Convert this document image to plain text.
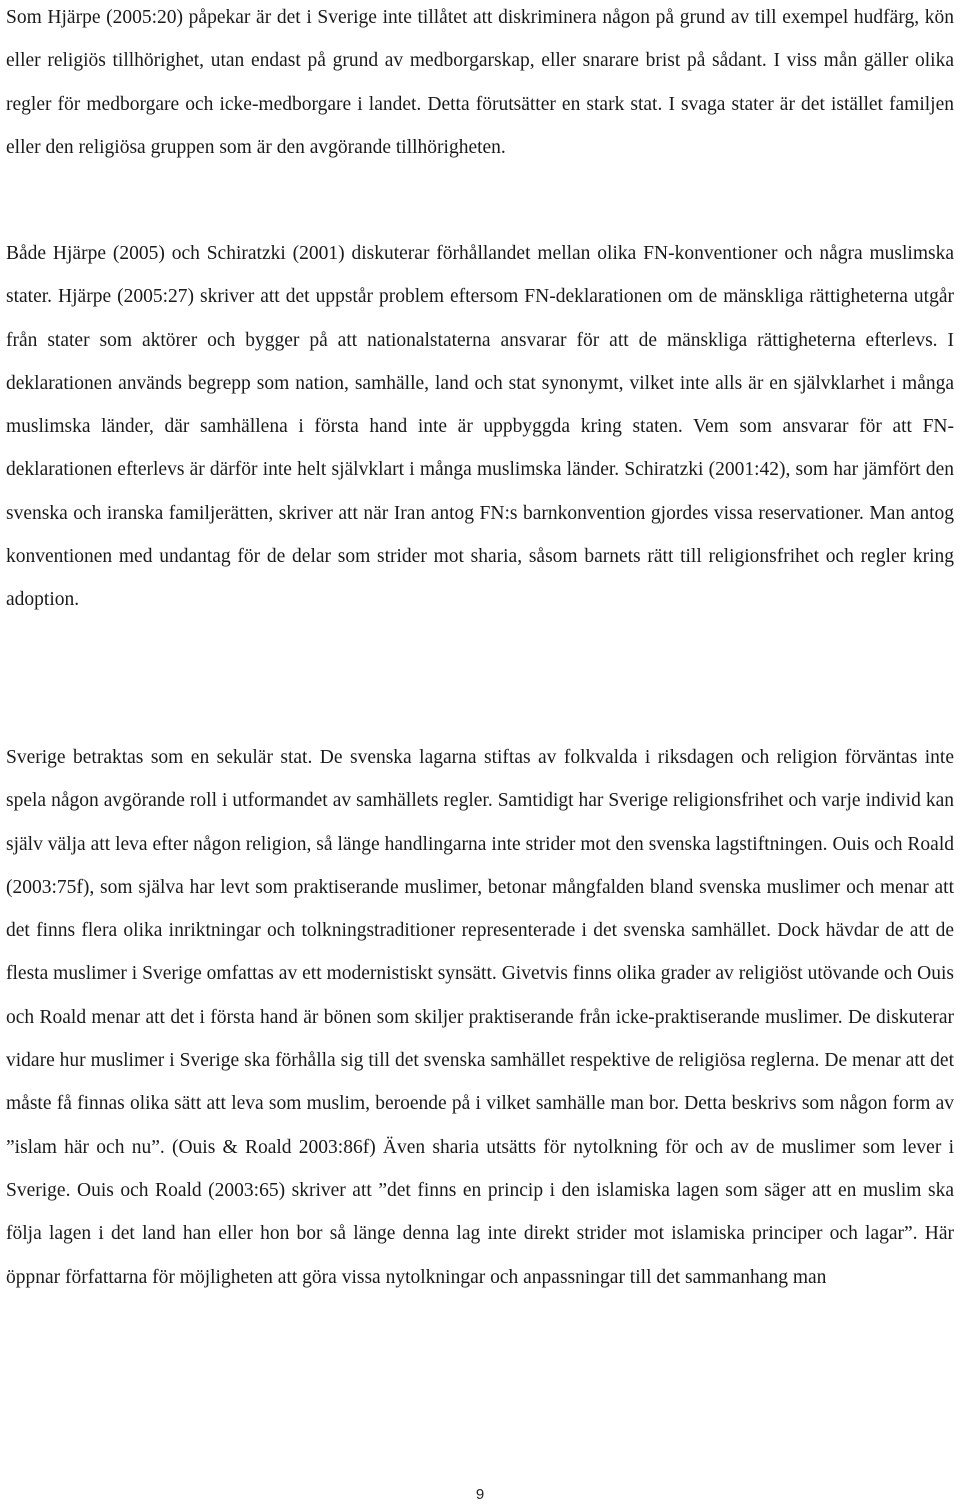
Som Hjärpe (2005:20) påpekar är det i Sverige inte tillåtet att diskriminera någon på grund av till exempel hudfärg, kön eller religiös tillhörighet, utan endast på grund av medborgarskap, eller snarare brist på sådant. I viss mån gäller olika regler för medborgare och icke-medborgare i landet. Detta förutsätter en stark stat. I svaga stater är det istället familjen eller den religiösa gruppen som är den avgörande tillhörigheten.

Både Hjärpe (2005) och Schiratzki (2001) diskuterar förhållandet mellan olika FN-konventioner och några muslimska stater. Hjärpe (2005:27) skriver att det uppstår problem eftersom FN-deklarationen om de mänskliga rättigheterna utgår från stater som aktörer och bygger på att nationalstaterna ansvarar för att de mänskliga rättigheterna efterlevs. I deklarationen används begrepp som nation, samhälle, land och stat synonymt, vilket inte alls är en självklarhet i många muslimska länder, där samhällena i första hand inte är uppbyggda kring staten. Vem som ansvarar för att FN-deklarationen efterlevs är därför inte helt självklart i många muslimska länder. Schiratzki (2001:42), som har jämfört den svenska och iranska familjerätten, skriver att när Iran antog FN:s barnkonvention gjordes vissa reservationer. Man antog konventionen med undantag för de delar som strider mot sharia, såsom barnets rätt till religionsfrihet och regler kring adoption.

Sverige betraktas som en sekulär stat. De svenska lagarna stiftas av folkvalda i riksdagen och religion förväntas inte spela någon avgörande roll i utformandet av samhällets regler. Samtidigt har Sverige religionsfrihet och varje individ kan själv välja att leva efter någon religion, så länge handlingarna inte strider mot den svenska lagstiftningen. Ouis och Roald (2003:75f), som själva har levt som praktiserande muslimer, betonar mångfalden bland svenska muslimer och menar att det finns flera olika inriktningar och tolkningstraditioner representerade i det svenska samhället. Dock hävdar de att de flesta muslimer i Sverige omfattas av ett modernistiskt synsätt. Givetvis finns olika grader av religiöst utövande och Ouis och Roald menar att det i första hand är bönen som skiljer praktiserande från icke-praktiserande muslimer. De diskuterar vidare hur muslimer i Sverige ska förhålla sig till det svenska samhället respektive de religiösa reglerna. De menar att det måste få finnas olika sätt att leva som muslim, beroende på i vilket samhälle man bor. Detta beskrivs som någon form av ”islam här och nu”. (Ouis & Roald 2003:86f) Även sharia utsätts för nytolkning för och av de muslimer som lever i Sverige. Ouis och Roald (2003:65) skriver att ”det finns en princip i den islamiska lagen som säger att en muslim ska följa lagen i det land han eller hon bor så länge denna lag inte direkt strider mot islamiska principer och lagar”. Här öppnar författarna för möjligheten att göra vissa nytolkningar och anpassningar till det sammanhang man

9
